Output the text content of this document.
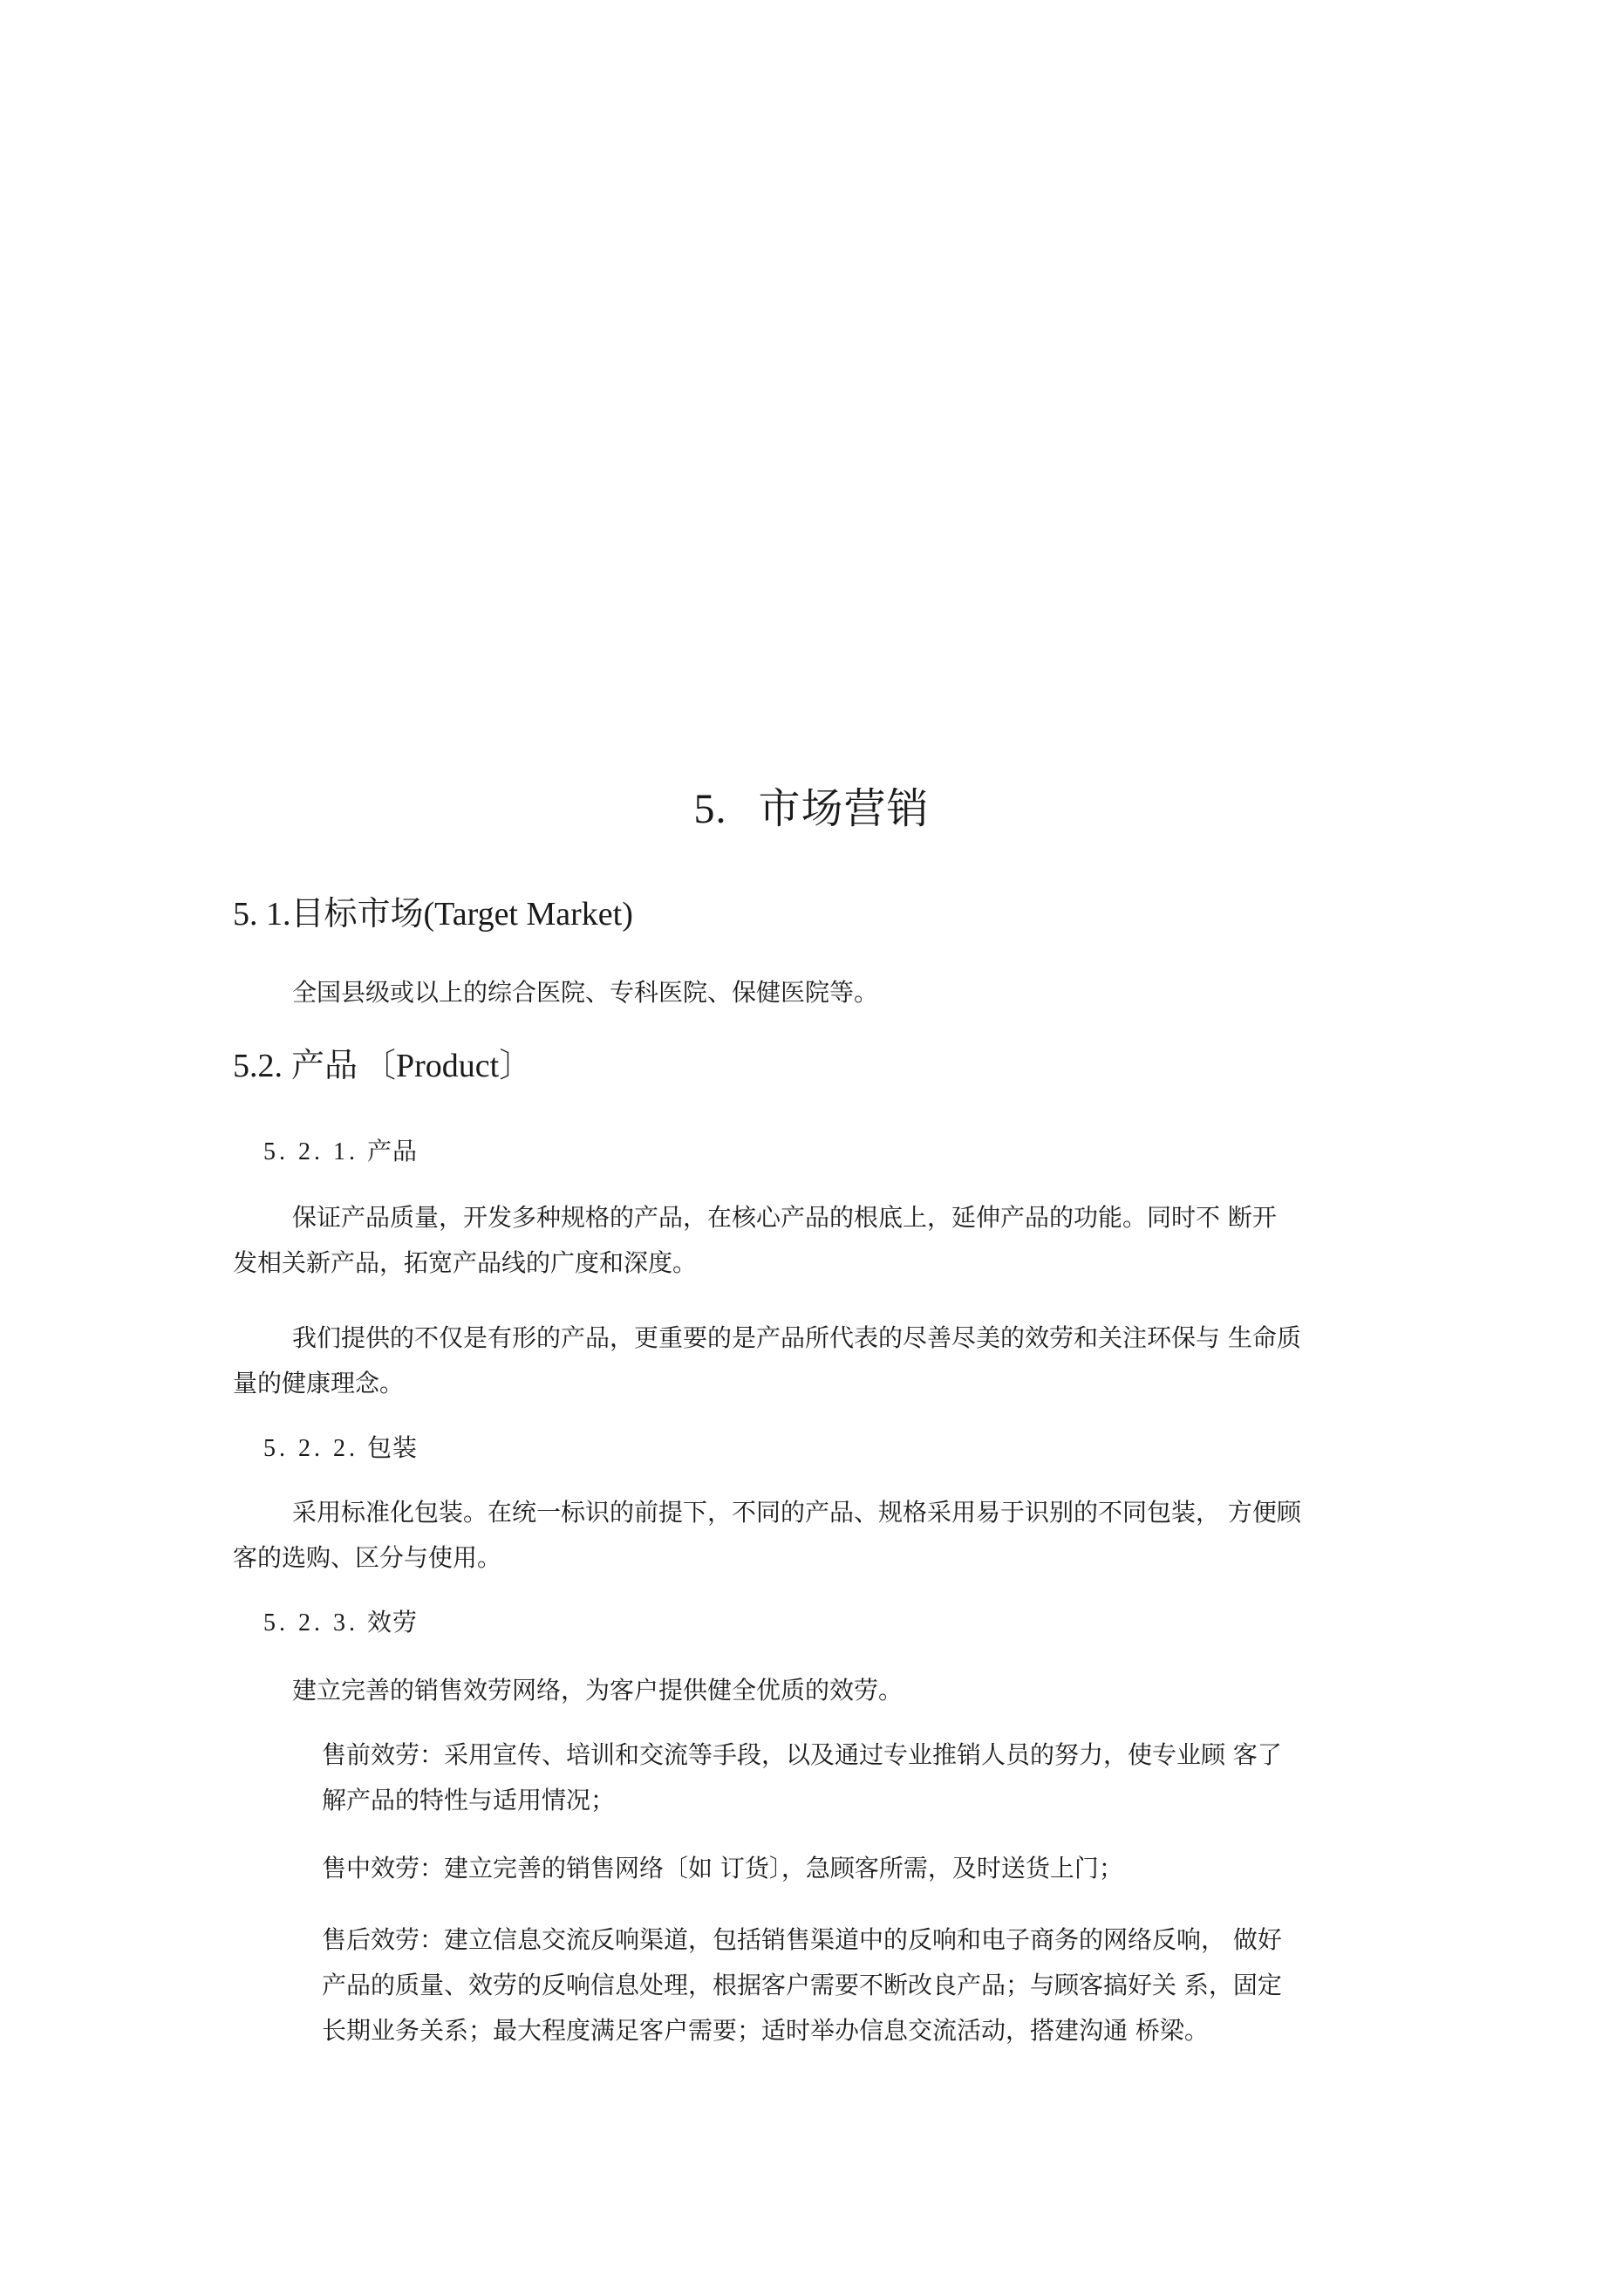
5. 市场营销
5. 1.目标市场(Target Market)

全国县级或以上的综合医院、专科医院、保健医院等。

5.2. 产品 〔Product〕
5. 2. 1. 产品

保证产品质量，开发多种规格的产品，在核心产品的根底上，延伸产品的功能。同时不 断开
发相关新产品，拓宽产品线的广度和深度。

我们提供的不仅是有形的产品，更重要的是产品所代表的尽善尽美的效劳和关注环保与 生命质
量的健康理念。

5. 2. 2. 包装

采用标准化包装。在统一标识的前提下，不同的产品、规格采用易于识别的不同包装， 方便顾
客的选购、区分与使用。

5. 2. 3. 效劳

建立完善的销售效劳网络，为客户提供健全优质的效劳。

售前效劳：采用宣传、培训和交流等手段，以及通过专业推销人员的努力，使专业顾 客了
解产品的特性与适用情况；

售中效劳：建立完善的销售网络〔如 订货〕，急顾客所需，及时送货上门；

售后效劳：建立信息交流反响渠道，包括销售渠道中的反响和电子商务的网络反响， 做好
产品的质量、效劳的反响信息处理，根据客户需要不断改良产品；与顾客搞好关 系，固定
长期业务关系；最大程度满足客户需要；适时举办信息交流活动，搭建沟通 桥梁。
